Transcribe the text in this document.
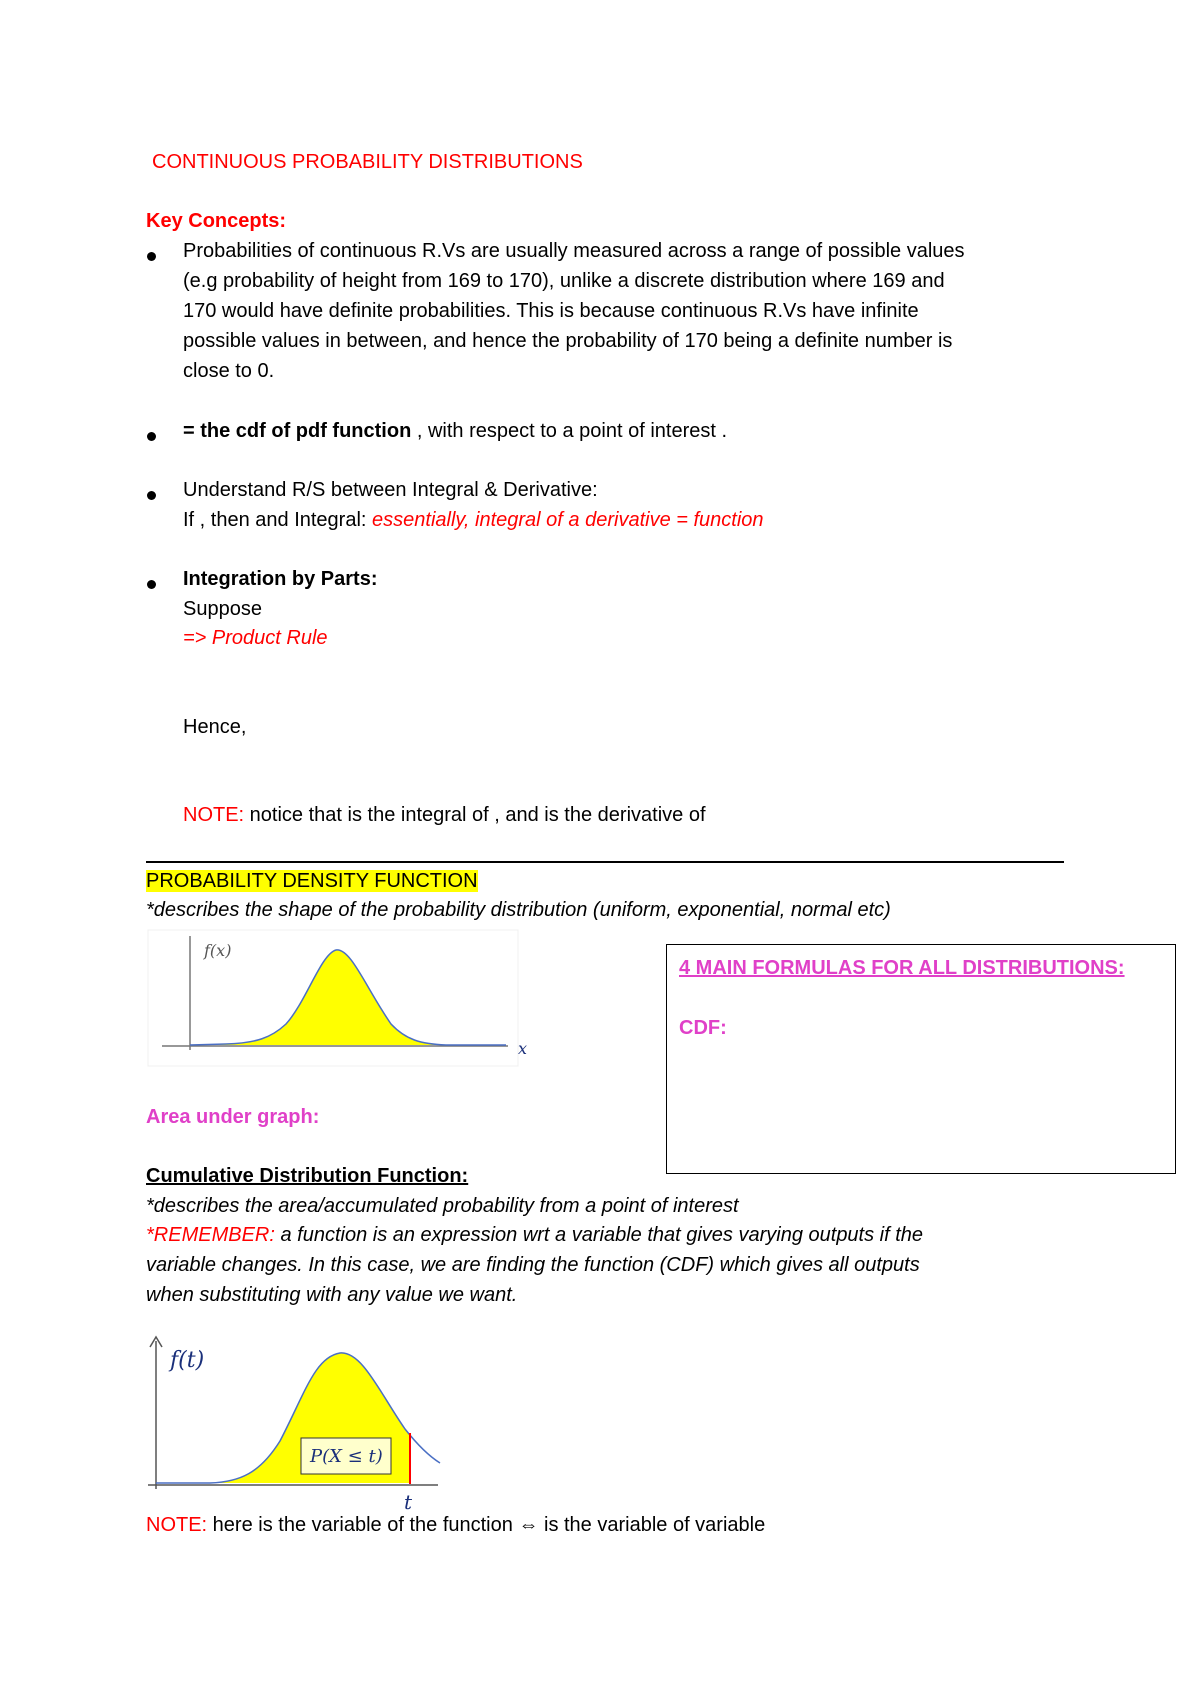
CONTINUOUS PROBABILITY DISTRIBUTIONS
Key Concepts:
Probabilities of continuous R.Vs are usually measured across a range of possible values
(e.g probability of height from 169 to 170), unlike a discrete distribution where 169 and
170 would have definite probabilities. This is because continuous R.Vs have infinite
possible values in between, and hence the probability of 170 being a definite number is
close to 0.
= the cdf of pdf function , with respect to a point of interest .
Understand R/S between Integral & Derivative:
If , then and Integral: essentially, integral of a derivative = function
Integration by Parts:
Suppose
=> Product Rule
Hence,
NOTE: notice that is the integral of , and is the derivative of
PROBABILITY DENSITY FUNCTION
*describes the shape of the probability distribution (uniform, exponential, normal etc)
f(x)
x
Area under graph:
4 MAIN FORMULAS FOR ALL DISTRIBUTIONS:
CDF:
Cumulative Distribution Function:
*describes the area/accumulated probability from a point of interest
*REMEMBER: a function is an expression wrt a variable that gives varying outputs if the
variable changes. In this case, we are finding the function (CDF) which gives all outputs
when substituting with any value we want.
P(X ≤ t)
f(t)
t
NOTE: here is the variable of the function ⇔ is the variable of variable
